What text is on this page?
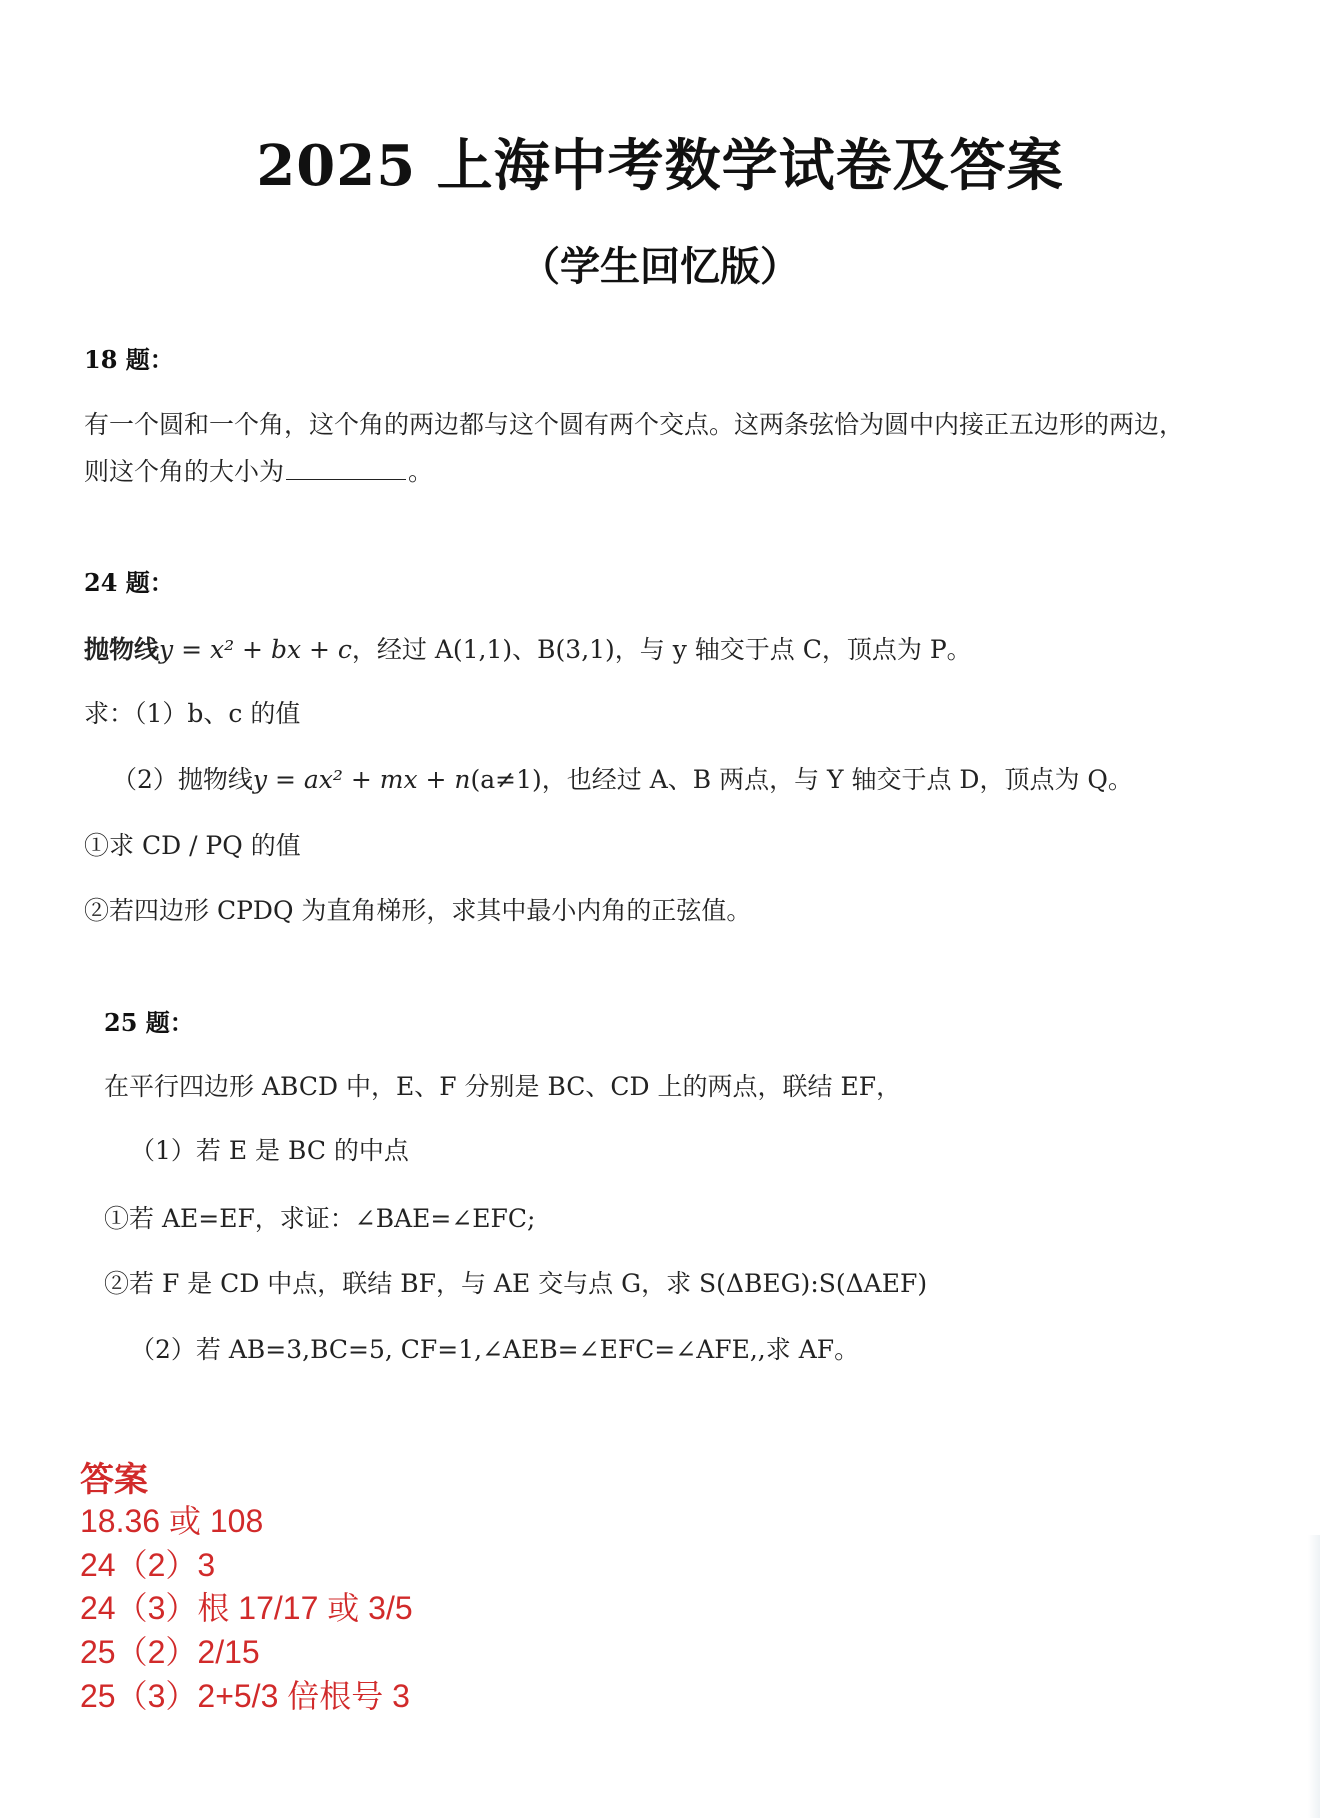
2025 上海中考数学试卷及答案
（学生回忆版）
18 题：
有一个圆和一个角，这个角的两边都与这个圆有两个交点。这两条弦恰为圆中内接正五边形的两边，
则这个角的大小为	。
24 题：
抛物线y = x² + bx + c，经过 A(1,1)、B(3,1)，与 y 轴交于点 C，顶点为 P。
求：（1）b、c 的值
（2）抛物线y = ax² + mx + n(a≠1)，也经过 A、B 两点，与 Y 轴交于点 D，顶点为 Q。
①求 CD / PQ 的值
②若四边形 CPDQ 为直角梯形，求其中最小内角的正弦值。
25 题：
在平行四边形 ABCD 中，E、F 分别是 BC、CD 上的两点，联结 EF，
（1）若 E 是 BC 的中点
①若 AE=EF，求证：∠BAE=∠EFC;
②若 F 是 CD 中点，联结 BF，与 AE 交与点 G，求 S(ΔBEG):S(ΔAEF)
（2）若 AB=3,BC=5, CF=1,∠AEB=∠EFC=∠AFE,,求 AF。
答案
18.36 或 108
24（2）3
24（3）根 17/17 或 3/5
25（2）2/15
25（3）2+5/3 倍根号 3
